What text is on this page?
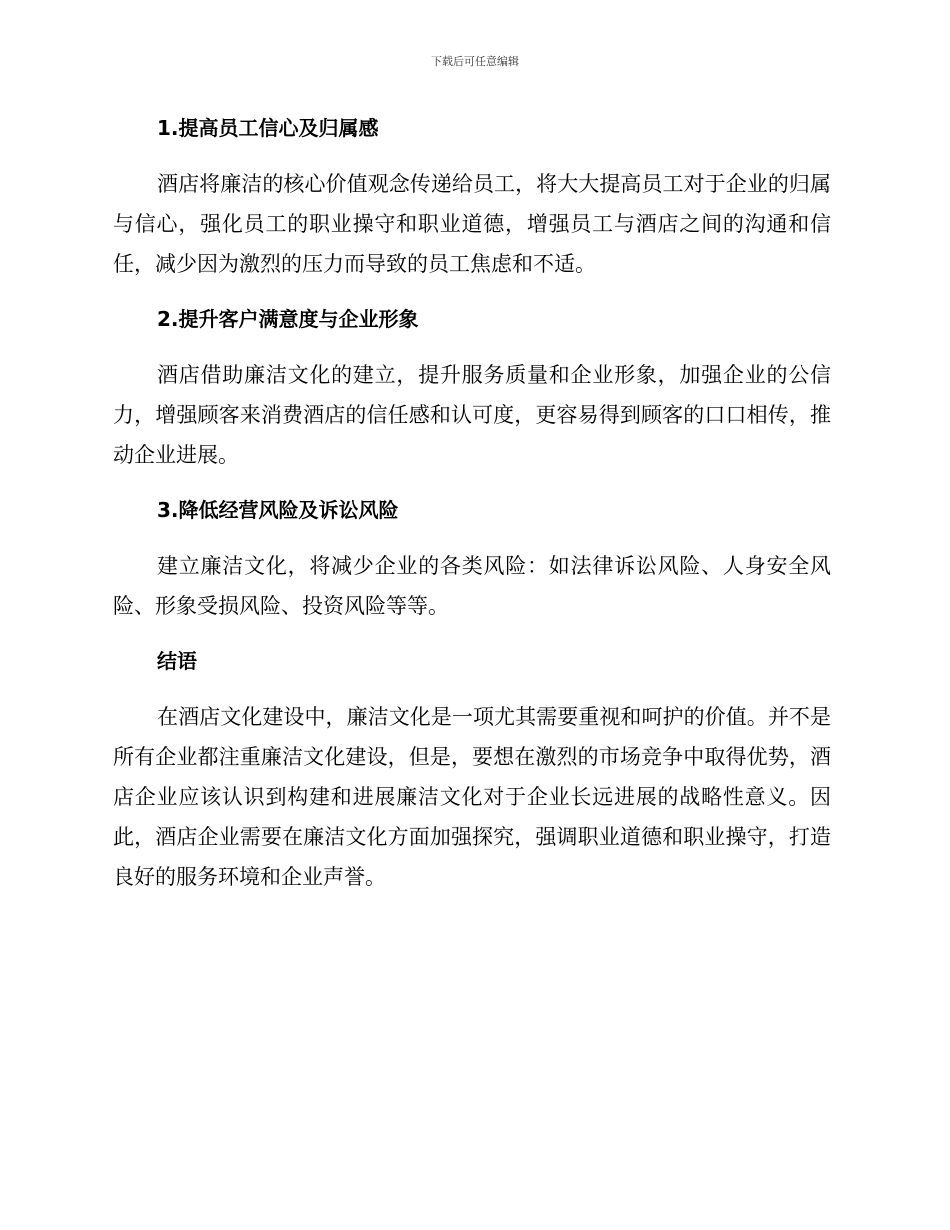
下载后可任意编辑
1.提高员工信心及归属感

酒店将廉洁的核心价值观念传递给员工，将大大提高员工对于企业的归属与信心，强化员工的职业操守和职业道德，增强员工与酒店之间的沟通和信任，减少因为激烈的压力而导致的员工焦虑和不适。

2.提升客户满意度与企业形象

酒店借助廉洁文化的建立，提升服务质量和企业形象，加强企业的公信力，增强顾客来消费酒店的信任感和认可度，更容易得到顾客的口口相传，推动企业进展。

3.降低经营风险及诉讼风险

建立廉洁文化，将减少企业的各类风险：如法律诉讼风险、人身安全风险、形象受损风险、投资风险等等。

结语

在酒店文化建设中，廉洁文化是一项尤其需要重视和呵护的价值。并不是所有企业都注重廉洁文化建设，但是，要想在激烈的市场竞争中取得优势，酒店企业应该认识到构建和进展廉洁文化对于企业长远进展的战略性意义。因此，酒店企业需要在廉洁文化方面加强探究，强调职业道德和职业操守，打造良好的服务环境和企业声誉。
